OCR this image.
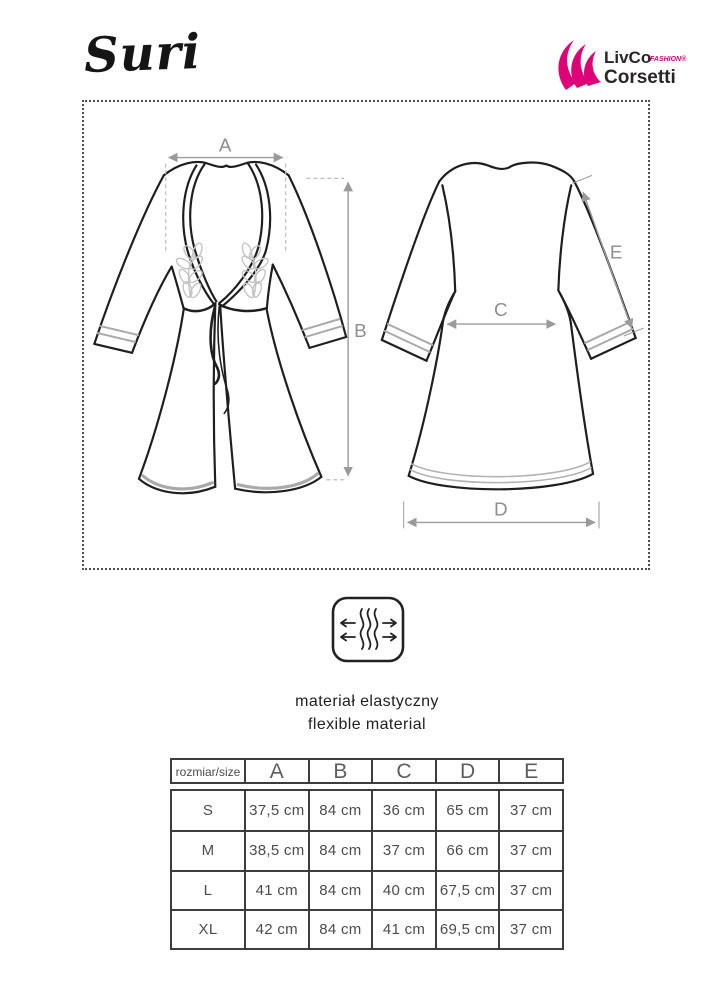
Suri	LivCo
FASHION®
Corsetti
A
B
C
D
E
materiał elastyczny
flexible material
rozmiar/size	A	B	C	D	E
S	37,5 cm 84 cm	36 cm	65 cm	37 cm
M	38,5 cm 84 cm	37 cm	66 cm	37 cm
L	41 cm	84 cm	40 cm 67,5 cm 37 cm
XL	42 cm	84 cm	41 cm 69,5 cm 37 cm
